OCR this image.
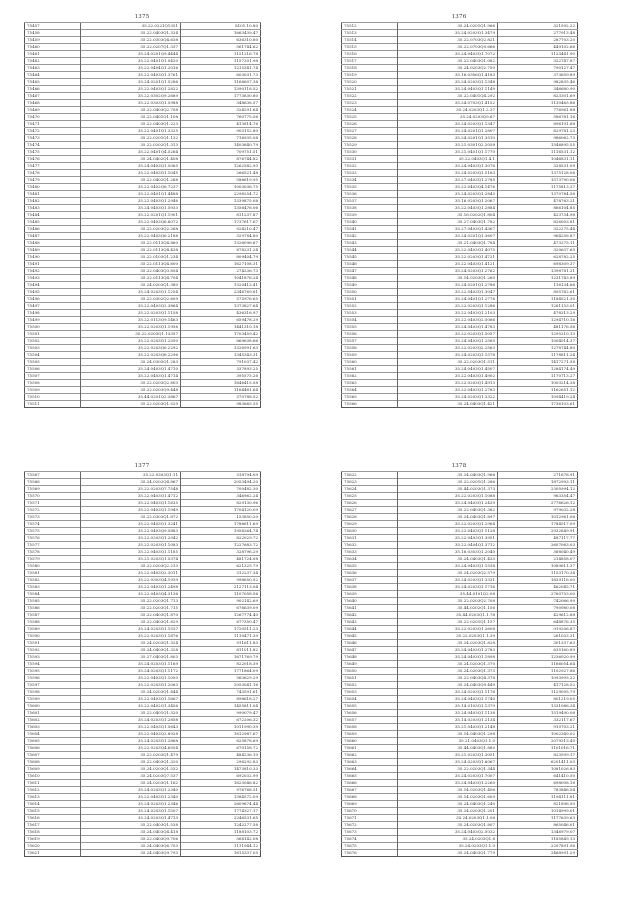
1375
75457	35.22.0221Q1351	8101.10.80
75458	35.22.0403Q1.324	1663439.47
75459	35.22.0303Q4.638	636310.80
75460	35.22.0207Q1.337	561744.62
75461	35.24.0201Q9.4444	1151216.78
75462	35.22.0401Q1.0420	1157201.98
75463	35.22.0404Q1.2016	1215341.74
75464	35.22.0403Q1.3761	603031.73
75465	35.24.0201Q1.5286	1168607.38
75466	35.22.0403Q1.2822	1390118.52
75467	35.22.0302Q9.2689	1773630.80
75468	35.22.0303Q1.5988	348636.57
75469	35.22.0403Q2.708	324291.64
75470	35.22.0401Q1.108	760775.56
75471	35.22.0403Q1.223	413814.76
75472	35.22.0401Q1.3325	903152.80
75473	35.22.0201Q1.132	716935.08
75474	35.22.0202Q1.313	1403640.79
75475	35.22.0401Q4.5264	709751.51
75476	35.24.0402Q1.408	876744.82
75477	35.24.0403Q1.5065	1262582.93
75478	35.22.0403Q1.1045	266521.48
75479	35.22.0402Q1.268	586619.95
75480	35.22.0402Q6.7237	1003036.75
75481	35.22.0401Q1.4488	2298254.72
75482	35.22.0403Q1.2946	1339875.08
75483	35.24.0403Q1.5933	1356476.06
75484	35.22.0201Q1.1901	811237.87
75485	35.22.0403Q6.6072	1737617.67
75486	35.22.0203Q2.268	924210.47
75487	35.22.0403Q6.2188	329784.80
75488	35.22.0113Q4.860	1326096.67
75489	35.22.0113Q4.438	878231.24
75490	35.22.0103Q1.234	809404.79
75491	35.22.0113Q4.800	1627108.31
75492	35.22.0403Q3.854	274236.73
75493	35.22.0113Q4.704	1041876.24
75494	35.24.0203Q1.380	1320413.41
75495	35.24.0203Q1.1254	2346769.61
75496	35.22.0302Q2.609	575976.65
75497	35.22.0403Q2.3864	1373827.64
75498	35.22.0203Q1.1158	436316.97
75499	35.22.0113Q9.1463	659478.29
75500	35.22.0203Q1.1956	1441310.18
75501	35.22.0203Q1.13357	1703459.42
75502	35.22.0203Q1.2550	869638.66
75503	35.22.0203Q6.2292	1326991.63
75504	35.22.0203Q6.2296	1345343.31
75505	35.24.0305Q1.283	791037.42
75506	35.24.0403Q1.4710	337893.25
75507	35.22.0403Q1.4714	395575.26
75508	35.22.0203Q2.803	1646415.58
75509	35.22.0203Q9.448	1164481.64
75510	35.44.0201Q2.3867	370788.52
75511	35.22.0203Q1.529	983665.35
1376
75512	35.24.0201Q1.966	321592.22
75513	35.24.0203Q1.3479	277913.48
75514	35.22.0703Q2.821	287703.20
75515	35.22.0703Q9.666	449102.66
75516	35.24.0403Q1.7072	1123441.90
75517	35.22.0403Q1.082	322747.87
75518	35.24.0203Q2.750	790127.47
75519	35.16.0306Q1.4183	373659.89
75520	35.24.0203Q1.1348	982835.46
75521	35.24.0403Q1.1149	346680.90
75522	35.22.0401Q4.292	823301.69
75523	35.24.0703Q1.4152	1130465.86
75524	35.24.0203Q1.2.37	776961.88
75525	35.24.0203Q9.67	586781.16
75526	35.24.0203Q1.1347	896191.68
75527	35.24.0201Q1.2807	629781.23
75528	35.24.0201Q1.3510	986062.73
75529	35.21.0301Q2.2058	1546895.55
75530	35.21.0401Q1.1770	1116531.12
75531	35.22.0403Q1.4.1	1046831.11
75532	35.24.0403Q1.3076	328531.09
75533	35.24.0203Q1.5163	1375128.06
75534	35.27.0403Q1.2785	1573790.06
75535	35.22.0403Q4.1476	1175813.27
75536	35.24.0203Q1.2843	1370784.56
75537	35.16.0203Q1.2067	478763.21
75538	35.22.0403Q1.2884	866104.85
75539	35.16.0202Q1.804	423734.98
75540	35.27.0403Q1.782	826003.81
75541	35.27.0403Q1.4367	322275.44
75542	35.24.0201Q1.3607	964256.87
75543	35.21.0403Q1.784	473275.11
75544	35.22.0403Q1.4075	320637.65
75545	35.22.0203Q1.4721	628782.25
75546	35.22.0403Q1.4121	698309.37
75547	35.24.0203Q1.2762	1398781.21
75548	35.14.0203Q1.260	1231743.89
75549	35.24.0201Q1.2786	116134.66
75550	35.22.0403Q1.3047	895762.61
75551	35.24.0401Q1.2776	1184521.30
75552	35.22.0203Q1.1286	1261153.01
75553	35.22.0403Q1.2103	478313.29
75554	35.22.0403Q2.5066	1294710.16
75555	35.24.0403Q1.4783	481176.56
75556	35.22.0203Q1.5057	1295210.13
75557	35.24.0403Q1.2565	1004014.37
75558	35.22.0203Q2.2563	1278744.80
75559	35.24.0203Q1.1578	1178811.24
75560	35.22.0203Q1.511	1417271.58
75561	35.24.0403Q1.4507	1284174.49
75562	35.22.0403Q1.4902	1170713.27
75563	35.22.0203Q1.4913	1003214.38
75564	35.22.0403Q1.2783	1162651.12
75565	35.24.0203Q1.3322	1094419.24
75566	35.24.0403Q1.421	1736103.61
1377
75567	35.22.0303Q1.11	318794.09
75568	35.24.0202Q4.867	2053494.20
75569	35.22.0203Q7.7548	700482.30
75570	35.22.0403Q1.4712	346962.24
75571	35.22.0403Q1.1635	829130.96
75572	35.22.0403Q1.1949	1704120.09
75573	35.22.0303Q1.872	153850.20
75574	35.22.0403Q1.3241	1786611.69
75575	35.22.0403Q9.5883	1958264.74
75576	35.22.0203Q1.2942	822029.72
75577	35.22.0203Q1.1083	1227683.72
75578	35.22.0403Q1.1185	328796.29
75579	35.21.0203Q1.5374	481724.08
75580	35.22.0203Q2.213	621325.79
75581	35.22.0403Q2.3011	312237.34
75582	35.22.0303Q4.1939	998650.52
75583	35.22.0403Q1.2498	2127113.04
75584	35.22.0403Q4.3136	1107058.56
75585	35.22.0203Q1.713	902142.69
75586	35.22.0203Q1.715	676639.09
75587	35.22.0403Q1.870	1267774.40
75588	35.22.0403Q1.829	677350.47
75589	35.24.0203Q1.1537	1720511.23
75590	35.22.0203Q1.1876	1110471.39
75591	35.24.0203Q1.324	911611.83
75592	35.24.0403Q1.328	811011.82
75593	35.27.0403Q1.803	1671769.79
75594	35.24.0203Q1.1169	822018.39
75595	35.24.0203Q1.1172	1771864.09
75596	35.22.0403Q1.1093	563629.29
75597	35.22.0203Q1.2063	2053041.16
75598	35.24.0203Q1.844	743591.61
75599	35.22.0403Q1.1667	898618.27
75600	35.22.0402Q1.3456	1455811.04
75601	35.22.0401Q1.320	990079.47
75602	35.24.0203Q1.2858	672206.32
75603	35.22.0403Q1.5643	1011990.39
75604	35.22.0403Q2.8928	1812987.67
75605	35.24.0203Q1.2868	825878.69
75606	35.22.0203Q4.6554	670158.72
75607	35.22.0203Q1.479	484236.10
75608	35.22.0403Q1.320	298292.83
75609	35.24.0203Q1.532	1473810.33
75610	35.24.0203Q7.537	692032.99
75611	35.24.0203Q1.162	1623046.82
75612	35.24.0203Q1.2340	976768.31
75613	35.22.0403Q1.2340	1384572.09
75614	35.24.0203Q1.2346	2609674.44
75615	35.24.0203Q1.1507	1774327.17
75616	35.24.0203Q1.4713	2246531.65
75617	35.22.0403Q1.538	1242277.58
75618	35.24.0403Q4.418	1188103.72
75619	35.22.0403Q9.706	568142.08
75620	35.24.0403Q6.703	1111944.12
75621	35.24.0403Q9.793	1615337.05
1378
75622	35.24.0403Q1.966	271678.91
75623	35.22.0201Q1.286	1872993.11
75624	35.44.0203Q1.373	2305994.12
75625	35.22.0203Q1.1088	963354.47
75626	35.24.0403Q1.2439	2776626.12
75627	35.22.0403Q1.382	979032.28
75628	35.24.0403Q1.897	1012961.06
75629	35.22.0203Q1.2964	1784517.09
75630	35.22.0403Q1.1126	2932849.91
75631	35.22.0403Q1.3951	487117.77
75632	35.22.0404Q1.3712	2607063.03
75633	35.16.0303Q1.2040	368040.49
75634	35.24.0403Q1.433	214858.07
75635	35.24.0403Q1.1538	1089611.37
75636	35.24.0203Q2.579	1153170.34
75637	35.24.0203Q1.3331	1839116.00
75638	35.24.0203Q1.1716	462045.71
75639	35.44.0101Q2.08	2760753.00
75640	35.22.0203Q2.708	742066.99
75641	35.44.0202Q1.156	790980.08
75642	35.44.0203Q1.1.78	429612.88
75643	35.22.0201Q1.157	648876.35
75644	35.22.0203Q1.2608	919206.87
75645	35.22.0203Q1.1.39	261033.31
75646	35.24.0203Q1.828	301337.63
75647	35.24.0403Q1.2783	635160.89
75648	35.24.0403Q1.1898	1236020.99
75649	35.24.0203Q1.370	1166054.64
75650	35.24.0203Q1.373	1102927.86
75651	35.22.0403Q4.378	1093993.22
75652	35.24.0403Q9.449	417128.52
75653	35.24.0203Q1.1176	1129095.79
75654	35.24.0403Q1.1740	801219.05
75655	35.14.0103Q1.1379	1331086.34
75656	35.24.0403Q1.1138	1519490.08
75657	35.14.0203Q1.2134	332117.67
75658	35.21.0403Q1.2148	910703.21
75659	35.14.0403Q1.298	1002349.02
75660	35.21.0403Q1.1.0	2079313.49
75661	35.44.0403Q1.880	1101016.71
75662	35.21.0203Q1.3051	823599.17
75663	35.24.0203Q1.6067	6201411.03
75664	35.22.0203Q1.344	1081026.83
75665	35.24.0203Q1.7007	641410.50
75666	35.24.0403Q1.2260	698008.18
75667	35.14.0203Q1.406	783846.54
75668	35.14.0203Q1.609	1194111.81
75669	35.24.0403Q1.240	821896.50
75670	35.24.0203Q1.201	1014999.01
75671	35.24.0203Q1.1.08	1177639.63
75672	35.24.0203Q1.807	865046.01
75673	35.24.0403Q2.5032	1346979.07
75674	35.24.0203Q1.8	1185849.13
75675	35.24.0203Q1.1.0	2207891.56
75676	35.24.0403Q1.779	2468991.29
